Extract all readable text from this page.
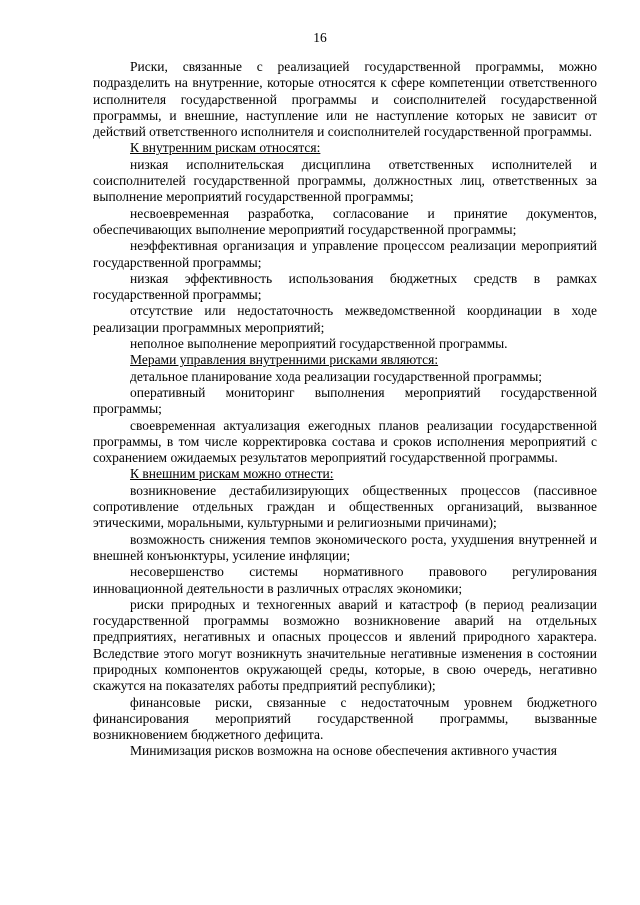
16

Риски, связанные с реализацией государственной программы, можно подразделить на внутренние, которые относятся к сфере компетенции ответственного исполнителя государственной программы и соисполнителей государственной программы, и внешние, наступление или не наступление которых не зависит от действий ответственного исполнителя и соисполнителей государственной программы.

К внутренним рискам относятся:

низкая исполнительская дисциплина ответственных исполнителей и соисполнителей государственной программы, должностных лиц, ответственных за выполнение мероприятий государственной программы;

несвоевременная разработка, согласование и принятие документов, обеспечивающих выполнение мероприятий государственной программы;

неэффективная организация и управление процессом реализации мероприятий государственной программы;

низкая эффективность использования бюджетных средств в рамках государственной программы;

отсутствие или недостаточность межведомственной координации в ходе реализации программных мероприятий;

неполное выполнение мероприятий государственной программы.

Мерами управления внутренними рисками являются:

детальное планирование хода реализации государственной программы;

оперативный мониторинг выполнения мероприятий государственной программы;

своевременная актуализация ежегодных планов реализации государственной программы, в том числе корректировка состава и сроков исполнения мероприятий с сохранением ожидаемых результатов мероприятий государственной программы.

К внешним рискам можно отнести:

возникновение дестабилизирующих общественных процессов (пассивное сопротивление отдельных граждан и общественных организаций, вызванное этическими, моральными, культурными и религиозными причинами);

возможность снижения темпов экономического роста, ухудшения внутренней и внешней конъюнктуры, усиление инфляции;

несовершенство системы нормативного правового регулирования инновационной деятельности в различных отраслях экономики;

риски природных и техногенных аварий и катастроф (в период реализации государственной программы возможно возникновение аварий на отдельных предприятиях, негативных и опасных процессов и явлений природного характера. Вследствие этого могут возникнуть значительные негативные изменения в состоянии природных компонентов окружающей среды, которые, в свою очередь, негативно скажутся на показателях работы предприятий республики);

финансовые риски, связанные с недостаточным уровнем бюджетного финансирования мероприятий государственной программы, вызванные возникновением бюджетного дефицита.

Минимизация рисков возможна на основе обеспечения активного участия
